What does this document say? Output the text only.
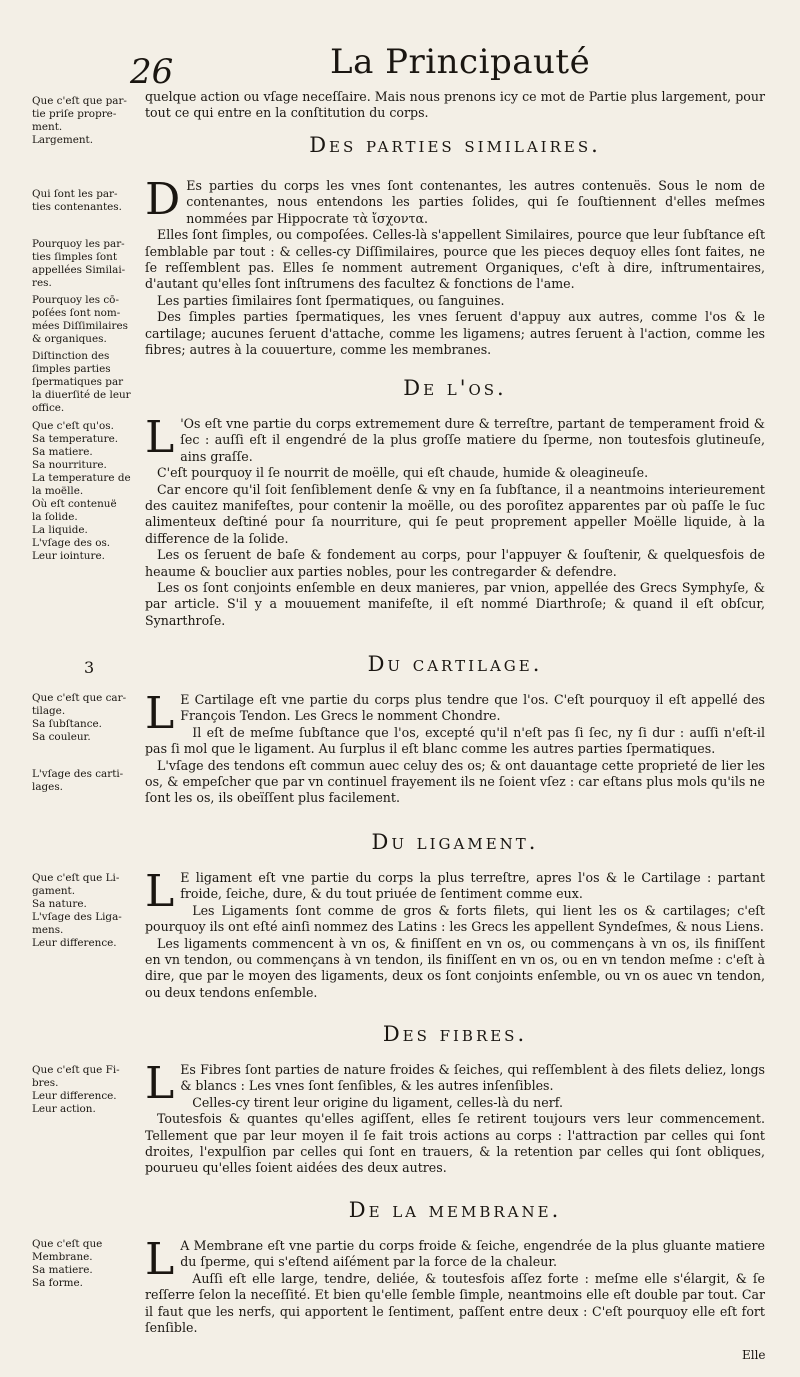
26	La Principauté
Que c'eſt que par-
tie priſe propre-
ment.
Largement.
Qui ſont les par-
ties contenantes.
Pourquoy les par-
ties ſimples ſont
appellées Similai-
res.
Pourquoy les cō-
poſées ſont nom-
mées Diſſimilaires
& organiques.
Diſtinction des
ſimples parties
ſpermatiques par
la diuerſité de leur
office.
Que c'eſt qu'os.
Sa temperature.
Sa matiere.
Sa nourriture.
La temperature de
la moëlle.
Où eſt contenuë
la ſolide.
La liquide.
L'vſage des os.
Leur iointure.
3
Que c'eſt que car-
tilage.
Sa ſubſtance.
Sa couleur.
L'vſage des carti-
lages.
Que c'eſt que Li-
gament.
Sa nature.
L'vſage des Liga-
mens.
Leur difference.
Que c'eſt que Fi-
bres.
Leur difference.
Leur action.
Que c'eſt que
Membrane.
Sa matiere.
Sa forme.

quelque action ou vſage neceſſaire. Mais nous prenons icy ce mot de Partie plus largement, pour tout ce qui entre en la conſtitution du corps.

Des parties similaires.

D Es parties du corps les vnes ſont contenantes, les autres contenuës. Sous le nom de contenantes, nous entendons les parties ſolides, qui ſe ſouſtiennent d'elles meſmes nommées par Hippocrate τὰ ἴσχοντα.

Elles ſont ſimples, ou compoſées. Celles-là s'appellent Similaires, pource que leur ſubſtance eſt ſemblable par tout : & celles-cy Diſſimilaires, pource que les pieces dequoy elles ſont faites, ne ſe reſſemblent pas. Elles ſe nomment autrement Organiques, c'eſt à dire, inſtrumentaires, d'autant qu'elles ſont inſtrumens des facultez & fonctions de l'ame.

Les parties ſimilaires ſont ſpermatiques, ou ſanguines.

Des ſimples parties ſpermatiques, les vnes ſeruent d'appuy aux autres, comme l'os & le cartilage; aucunes ſeruent d'attache, comme les ligamens; autres ſeruent à l'action, comme les fibres; autres à la couuerture, comme les membranes.

De l'os.

L 'Os eſt vne partie du corps extremement dure & terreſtre, partant de temperament froid & ſec : auſſi eſt il engendré de la plus groſſe matiere du ſperme, non toutesfois glutineuſe, ains graſſe.

C'eſt pourquoy il ſe nourrit de moëlle, qui eſt chaude, humide & oleagineuſe.

Car encore qu'il ſoit ſenſiblement denſe & vny en ſa ſubſtance, il a neantmoins interieurement des cauitez manifeſtes, pour contenir la moëlle, ou des poroſitez apparentes par où paſſe le ſuc alimenteux deſtiné pour ſa nourriture, qui ſe peut proprement appeller Moëlle liquide, à la difference de la ſolide.

Les os ſeruent de baſe & fondement au corps, pour l'appuyer & ſouſtenir, & quelquesfois de heaume & bouclier aux parties nobles, pour les contregarder & defendre.

Les os ſont conjoints enſemble en deux manieres, par vnion, appellée des Grecs Symphyſe, & par article. S'il y a mouuement manifeſte, il eſt nommé Diarthroſe; & quand il eſt obſcur, Synarthroſe.

Du cartilage.

L E Cartilage eſt vne partie du corps plus tendre que l'os. C'eſt pourquoy il eſt appellé des François Tendon. Les Grecs le nomment Chondre.

Il eſt de meſme ſubſtance que l'os, excepté qu'il n'eſt pas ſi ſec, ny ſi dur : auſſi n'eſt-il pas ſi mol que le ligament. Au ſurplus il eſt blanc comme les autres parties ſpermatiques.

L'vſage des tendons eſt commun auec celuy des os; & ont dauantage cette proprieté de lier les os, & empeſcher que par vn continuel frayement ils ne ſoient vſez : car eſtans plus mols qu'ils ne ſont les os, ils obeïſſent plus facilement.

Du ligament.

L E ligament eſt vne partie du corps la plus terreſtre, apres l'os & le Cartilage : partant froide, ſeiche, dure, & du tout priuée de ſentiment comme eux.

Les Ligaments ſont comme de gros & forts filets, qui lient les os & cartilages; c'eſt pourquoy ils ont eſté ainſi nommez des Latins : les Grecs les appellent Syndeſmes, & nous Liens.

Les ligaments commencent à vn os, & finiſſent en vn os, ou commençans à vn os, ils finiſſent en vn tendon, ou commençans à vn tendon, ils finiſſent en vn os, ou en vn tendon meſme : c'eſt à dire, que par le moyen des ligaments, deux os ſont conjoints enſemble, ou vn os auec vn tendon, ou deux tendons enſemble.

Des fibres.

L Es Fibres ſont parties de nature froides & ſeiches, qui reſſemblent à des filets deliez, longs & blancs : Les vnes ſont ſenſibles, & les autres inſenſibles.

Celles-cy tirent leur origine du ligament, celles-là du nerf.

Toutesfois & quantes qu'elles agiſſent, elles ſe retirent toujours vers leur commencement. Tellement que par leur moyen il ſe fait trois actions au corps : l'attraction par celles qui ſont droites, l'expulſion par celles qui ſont en trauers, & la retention par celles qui ſont obliques, pourueu qu'elles ſoient aidées des deux autres.

De la membrane.

L A Membrane eſt vne partie du corps froide & ſeiche, engendrée de la plus gluante matiere du ſperme, qui s'eſtend aiſément par la force de la chaleur.

Auſſi eſt elle large, tendre, deliée, & toutesfois aſſez forte : meſme elle s'élargit, & ſe reſſerre ſelon la neceſſité. Et bien qu'elle ſemble ſimple, neantmoins elle eſt double par tout. Car il faut que les nerfs, qui apportent le ſentiment, paſſent entre deux : C'eſt pourquoy elle eſt fort ſenſible.

Elle
